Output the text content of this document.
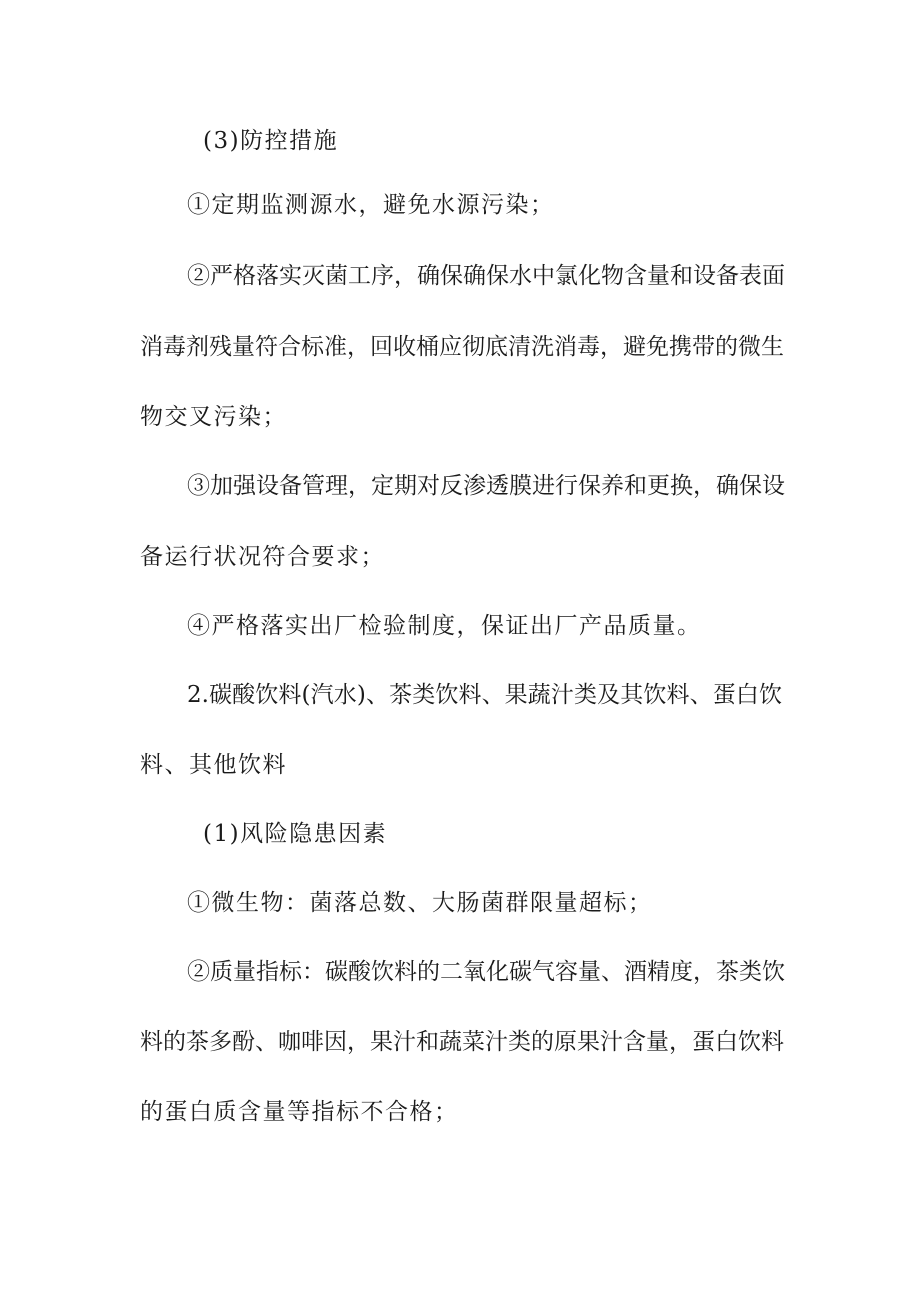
(3)防控措施
①定期监测源水，避免水源污染；
②严格落实灭菌工序，确保确保水中氯化物含量和设备表面
消毒剂残量符合标准，回收桶应彻底清洗消毒，避免携带的微生
物交叉污染；
③加强设备管理，定期对反渗透膜进行保养和更换，确保设
备运行状况符合要求；
④严格落实出厂检验制度，保证出厂产品质量。
2.碳酸饮料(汽水)、茶类饮料、果蔬汁类及其饮料、蛋白饮
料、其他饮料
(1)风险隐患因素
①微生物：菌落总数、大肠菌群限量超标；
②质量指标：碳酸饮料的二氧化碳气容量、酒精度，茶类饮
料的茶多酚、咖啡因，果汁和蔬菜汁类的原果汁含量，蛋白饮料
的蛋白质含量等指标不合格；
